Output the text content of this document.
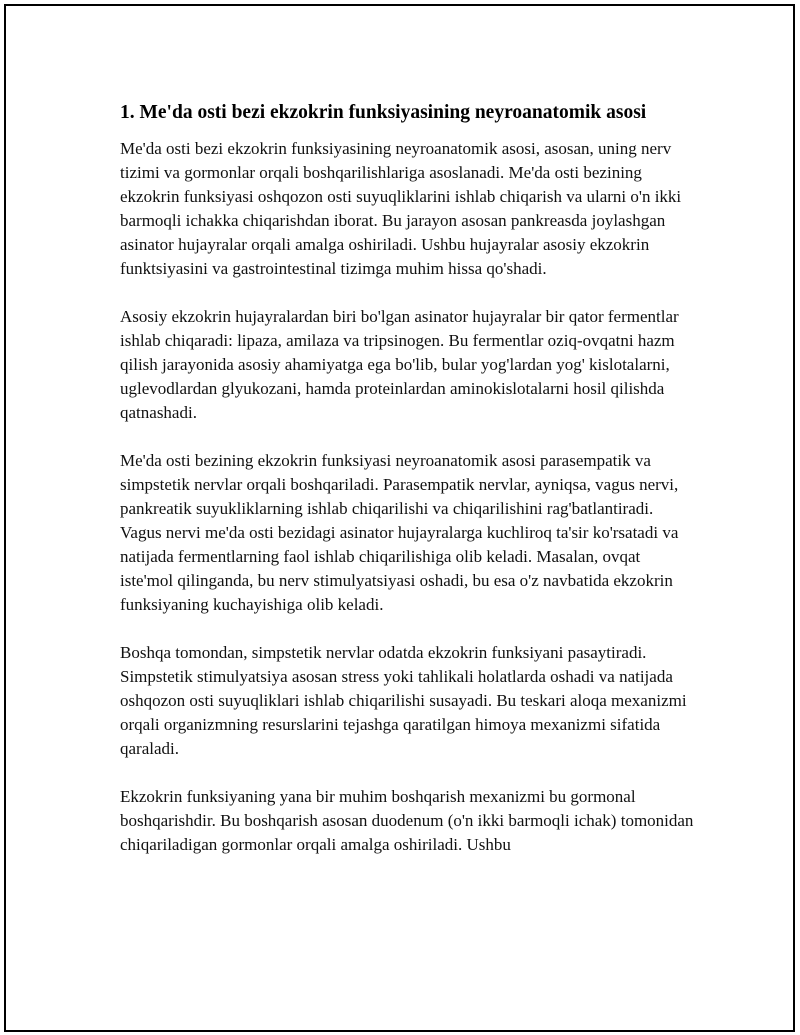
1. Me'da osti bezi ekzokrin funksiyasining neyroanatomik asosi

Me'da osti bezi ekzokrin funksiyasining neyroanatomik asosi, asosan, uning nerv tizimi va gormonlar orqali boshqarilishlariga asoslanadi. Me'da osti bezining ekzokrin funksiyasi oshqozon osti suyuqliklarini ishlab chiqarish va ularni o'n ikki barmoqli ichakka chiqarishdan iborat. Bu jarayon asosan pankreasda joylashgan asinator hujayralar orqali amalga oshiriladi. Ushbu hujayralar asosiy ekzokrin funktsiyasini va gastrointestinal tizimga muhim hissa qo'shadi.

Asosiy ekzokrin hujayralardan biri bo'lgan asinator hujayralar bir qator fermentlar ishlab chiqaradi: lipaza, amilaza va tripsinogen. Bu fermentlar oziq-ovqatni hazm qilish jarayonida asosiy ahamiyatga ega bo'lib, bular yog'lardan yog' kislotalarni, uglevodlardan glyukozani, hamda proteinlardan aminokislotalarni hosil qilishda qatnashadi.

Me'da osti bezining ekzokrin funksiyasi neyroanatomik asosi parasempatik va simpstetik nervlar orqali boshqariladi. Parasempatik nervlar, ayniqsa, vagus nervi, pankreatik suyukliklarning ishlab chiqarilishi va chiqarilishini rag'batlantiradi. Vagus nervi me'da osti bezidagi asinator hujayralarga kuchliroq ta'sir ko'rsatadi va natijada fermentlarning faol ishlab chiqarilishiga olib keladi. Masalan, ovqat iste'mol qilinganda, bu nerv stimulyatsiyasi oshadi, bu esa o'z navbatida ekzokrin funksiyaning kuchayishiga olib keladi.

Boshqa tomondan, simpstetik nervlar odatda ekzokrin funksiyani pasaytiradi. Simpstetik stimulyatsiya asosan stress yoki tahlikali holatlarda oshadi va natijada oshqozon osti suyuqliklari ishlab chiqarilishi susayadi. Bu teskari aloqa mexanizmi orqali organizmning resurslarini tejashga qaratilgan himoya mexanizmi sifatida qaraladi.

Ekzokrin funksiyaning yana bir muhim boshqarish mexanizmi bu gormonal boshqarishdir. Bu boshqarish asosan duodenum (o'n ikki barmoqli ichak) tomonidan chiqariladigan gormonlar orqali amalga oshiriladi. Ushbu
